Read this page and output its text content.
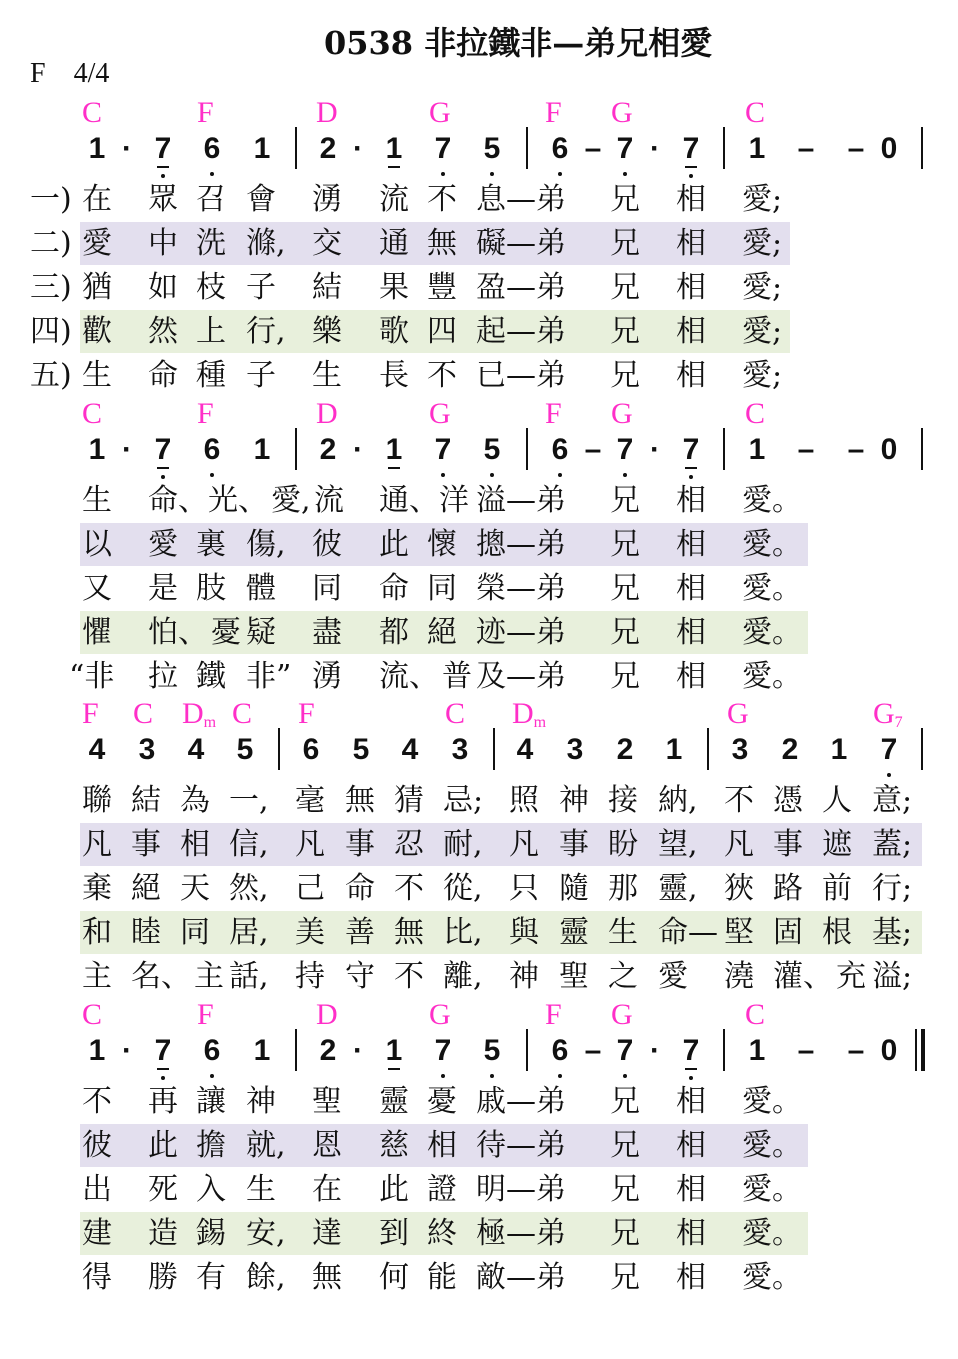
0538 非拉鐵非—弟兄相愛
F 4/4
C	F	D	G	F G	C
1 · 7 6 1 2 · 1 7 5 6 – 7 · 7 1 – – 0
一) 在 眾 召 會 湧 流 不 息—弟 兄 相 愛;
二) 愛 中 洗 滌, 交 通 無 礙—弟 兄 相 愛;
三) 猶 如 枝 子 結 果 豐 盈—弟 兄 相 愛;
四) 歡 然 上 行, 樂 歌 四 起—弟 兄 相 愛;
五) 生 命 種 子 生 長 不 已—弟 兄 相 愛;
C	F	D	G	F G	C
1 · 7 6 1 2 · 1 7 5 6 – 7 · 7 1 – – 0
生 命、光、 愛, 流 通、洋 溢—弟 兄 相 愛。
以 愛 裏 傷, 彼 此 懷 摠—弟 兄 相 愛。
又 是 肢 體 同 命 同 榮—弟 兄 相 愛。
懼 怕、 憂 疑 盡 都 絕 迹—弟 兄 相 愛。
“非 拉 鐵 非” 湧 流、 普 及—弟 兄 相 愛。
F C $D_m$ C F	C $D_m$	G	$G_7$
4 3 4 5 6 5 4 3 4 3 2 1 3 2 1 7
聯 結 為 一, 毫 無 猜 忌; 照 神 接 納, 不 憑 人 意;
凡 事 相 信, 凡 事 忍 耐, 凡 事 盼 望, 凡 事 遮 蓋;
棄 絕 天 然, 己 命 不 從, 只 隨 那 靈, 狹 路 前 行;
和 睦 同 居, 美 善 無 比, 與 靈 生 命— 堅 固 根 基;
主 名、 主 話, 持 守 不 離, 神 聖 之 愛 澆 灌、 充 溢;
C	F	D	G	F G	C
1 · 7 6 1 2 · 1 7 5 6 – 7 · 7 1 – – 0
不 再 讓 神 聖 靈 憂 戚—弟 兄 相 愛。
彼 此 擔 就, 恩 慈 相 待—弟 兄 相 愛。
出 死 入 生 在 此 證 明—弟 兄 相 愛。
建 造 錫 安, 達 到 終 極—弟 兄 相 愛。
得 勝 有 餘, 無 何 能 敵—弟 兄 相 愛。
